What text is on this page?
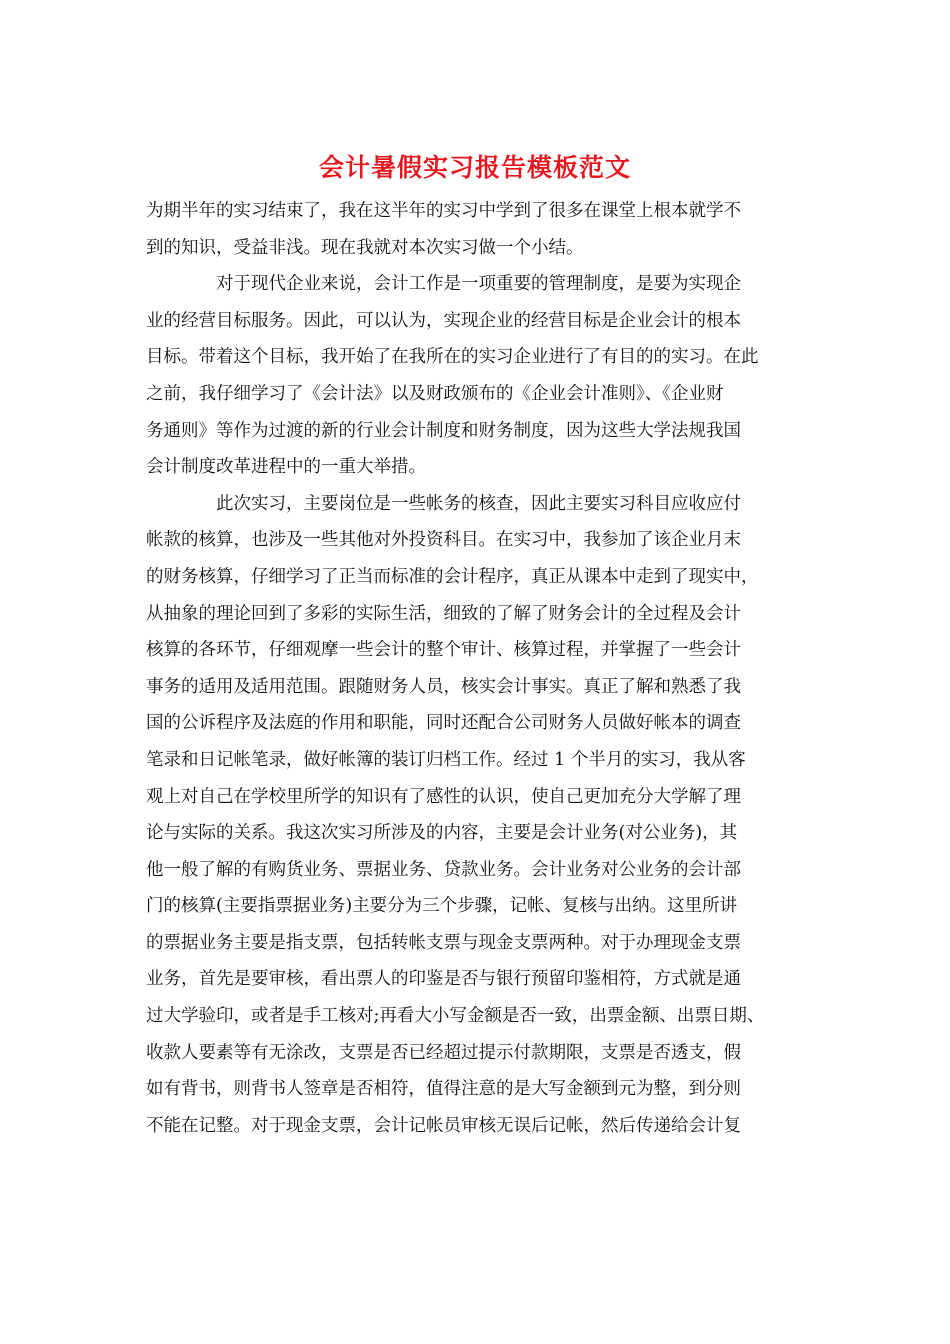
会计暑假实习报告模板范文
为期半年的实习结束了，我在这半年的实习中学到了很多在课堂上根本就学不
到的知识，受益非浅。现在我就对本次实习做一个小结。
对于现代企业来说，会计工作是一项重要的管理制度，是要为实现企
业的经营目标服务。因此，可以认为，实现企业的经营目标是企业会计的根本
目标。带着这个目标，我开始了在我所在的实习企业进行了有目的的实习。在此
之前，我仔细学习了《会计法》以及财政颁布的《企业会计准则》、《企业财
务通则》等作为过渡的新的行业会计制度和财务制度，因为这些大学法规我国
会计制度改革进程中的一重大举措。
此次实习，主要岗位是一些帐务的核查，因此主要实习科目应收应付
帐款的核算，也涉及一些其他对外投资科目。在实习中，我参加了该企业月末
的财务核算，仔细学习了正当而标准的会计程序，真正从课本中走到了现实中，
从抽象的理论回到了多彩的实际生活，细致的了解了财务会计的全过程及会计
核算的各环节，仔细观摩一些会计的整个审计、核算过程，并掌握了一些会计
事务的适用及适用范围。跟随财务人员，核实会计事实。真正了解和熟悉了我
国的公诉程序及法庭的作用和职能，同时还配合公司财务人员做好帐本的调查
笔录和日记帐笔录，做好帐簿的装订归档工作。经过 1 个半月的实习，我从客
观上对自己在学校里所学的知识有了感性的认识，使自己更加充分大学解了理
论与实际的关系。我这次实习所涉及的内容，主要是会计业务(对公业务)，其
他一般了解的有购货业务、票据业务、贷款业务。会计业务对公业务的会计部
门的核算(主要指票据业务)主要分为三个步骤，记帐、复核与出纳。这里所讲
的票据业务主要是指支票，包括转帐支票与现金支票两种。对于办理现金支票
业务，首先是要审核，看出票人的印鉴是否与银行预留印鉴相符，方式就是通
过大学验印，或者是手工核对;再看大小写金额是否一致，出票金额、出票日期、
收款人要素等有无涂改，支票是否已经超过提示付款期限，支票是否透支，假
如有背书，则背书人签章是否相符，值得注意的是大写金额到元为整，到分则
不能在记整。对于现金支票，会计记帐员审核无误后记帐，然后传递给会计复
